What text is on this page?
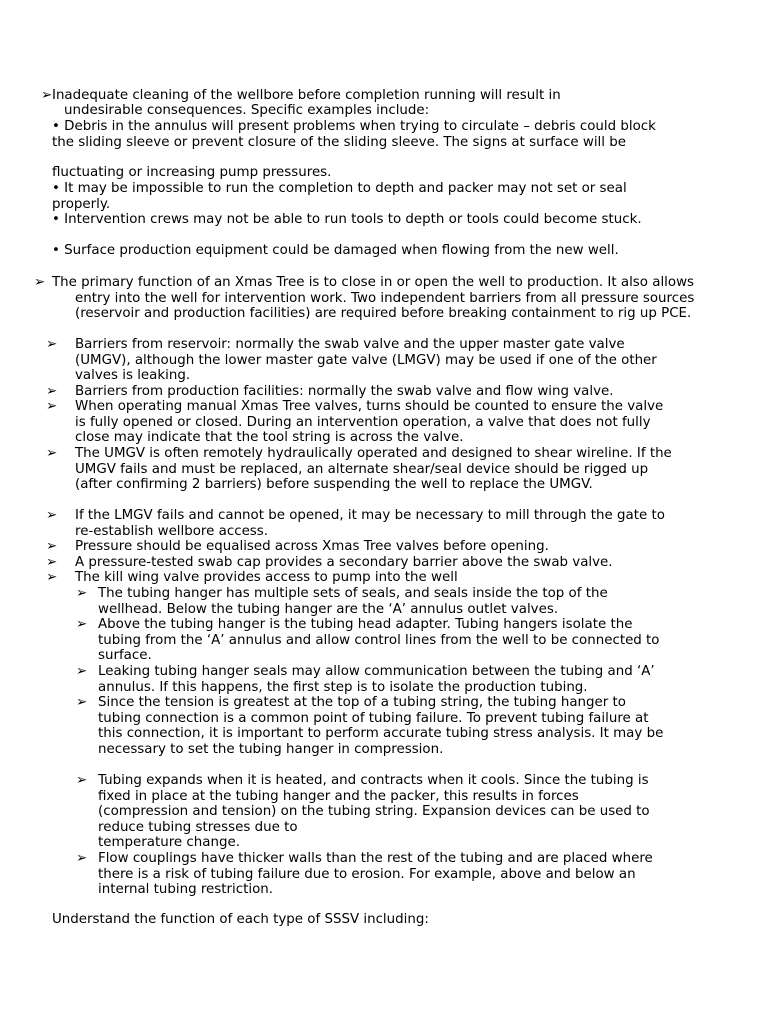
➢ Inadequate cleaning of the wellbore before completion running will result in

undesirable consequences. Specific examples include:

• Debris in the annulus will present problems when trying to circulate – debris could block the sliding sleeve or prevent closure of the sliding sleeve. The signs at surface will be

fluctuating or increasing pump pressures.

• It may be impossible to run the completion to depth and packer may not set or seal properly.

• Intervention crews may not be able to run tools to depth or tools could become stuck.

• Surface production equipment could be damaged when flowing from the new well.

➢ The primary function of an Xmas Tree is to close in or open the well to production. It also allows entry into the well for intervention work. Two independent barriers from all pressure sources (reservoir and production facilities) are required before breaking containment to rig up PCE.

➢ Barriers from reservoir: normally the swab valve and the upper master gate valve (UMGV), although the lower master gate valve (LMGV) may be used if one of the other valves is leaking.

➢ Barriers from production facilities: normally the swab valve and flow wing valve.

➢ When operating manual Xmas Tree valves, turns should be counted to ensure the valve is fully opened or closed. During an intervention operation, a valve that does not fully close may indicate that the tool string is across the valve.

➢ The UMGV is often remotely hydraulically operated and designed to shear wireline. If the UMGV fails and must be replaced, an alternate shear/seal device should be rigged up (after confirming 2 barriers) before suspending the well to replace the UMGV.

➢ If the LMGV fails and cannot be opened, it may be necessary to mill through the gate to re-establish wellbore access.

➢ Pressure should be equalised across Xmas Tree valves before opening.

➢ A pressure-tested swab cap provides a secondary barrier above the swab valve.

➢ The kill wing valve provides access to pump into the well

➢ The tubing hanger has multiple sets of seals, and seals inside the top of the wellhead. Below the tubing hanger are the ‘A’ annulus outlet valves.

➢ Above the tubing hanger is the tubing head adapter. Tubing hangers isolate the tubing from the ‘A’ annulus and allow control lines from the well to be connected to surface.

➢ Leaking tubing hanger seals may allow communication between the tubing and ‘A’ annulus. If this happens, the first step is to isolate the production tubing.

➢ Since the tension is greatest at the top of a tubing string, the tubing hanger to tubing connection is a common point of tubing failure. To prevent tubing failure at this connection, it is important to perform accurate tubing stress analysis. It may be necessary to set the tubing hanger in compression.

➢ Tubing expands when it is heated, and contracts when it cools. Since the tubing is fixed in place at the tubing hanger and the packer, this results in forces (compression and tension) on the tubing string. Expansion devices can be used to reduce tubing stresses due to

temperature change.

➢ Flow couplings have thicker walls than the rest of the tubing and are placed where there is a risk of tubing failure due to erosion. For example, above and below an internal tubing restriction.

Understand the function of each type of SSSV including:
